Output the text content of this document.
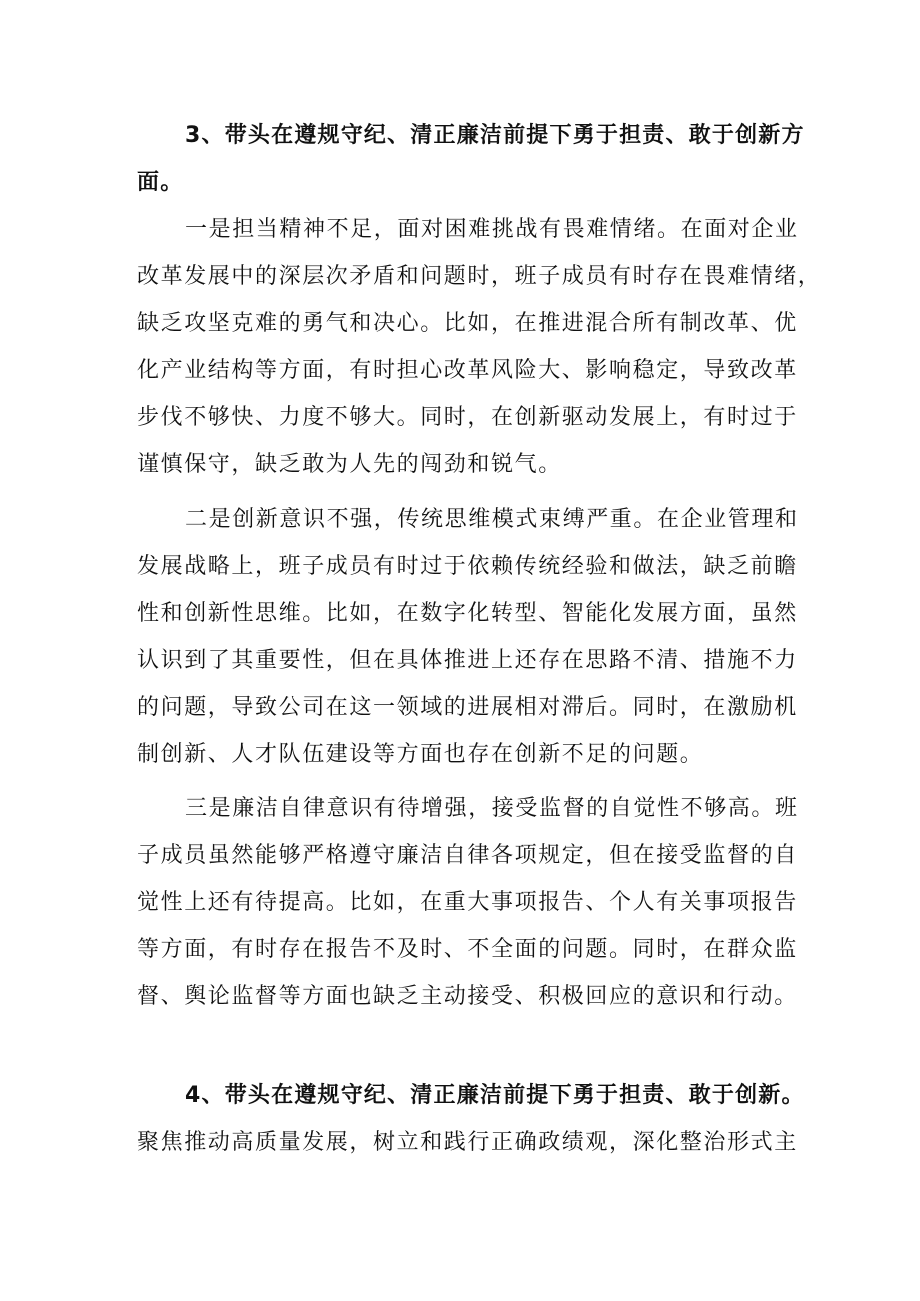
3、带头在遵规守纪、清正廉洁前提下勇于担责、敢于创新方
面。
一是担当精神不足，面对困难挑战有畏难情绪。在面对企业
改革发展中的深层次矛盾和问题时，班子成员有时存在畏难情绪，
缺乏攻坚克难的勇气和决心。比如，在推进混合所有制改革、优
化产业结构等方面，有时担心改革风险大、影响稳定，导致改革
步伐不够快、力度不够大。同时，在创新驱动发展上，有时过于
谨慎保守，缺乏敢为人先的闯劲和锐气。
二是创新意识不强，传统思维模式束缚严重。在企业管理和
发展战略上，班子成员有时过于依赖传统经验和做法，缺乏前瞻
性和创新性思维。比如，在数字化转型、智能化发展方面，虽然
认识到了其重要性，但在具体推进上还存在思路不清、措施不力
的问题，导致公司在这一领域的进展相对滞后。同时，在激励机
制创新、人才队伍建设等方面也存在创新不足的问题。
三是廉洁自律意识有待增强，接受监督的自觉性不够高。班
子成员虽然能够严格遵守廉洁自律各项规定，但在接受监督的自
觉性上还有待提高。比如，在重大事项报告、个人有关事项报告
等方面，有时存在报告不及时、不全面的问题。同时，在群众监
督、舆论监督等方面也缺乏主动接受、积极回应的意识和行动。
4、带头在遵规守纪、清正廉洁前提下勇于担责、敢于创新。
聚焦推动高质量发展，树立和践行正确政绩观，深化整治形式主
